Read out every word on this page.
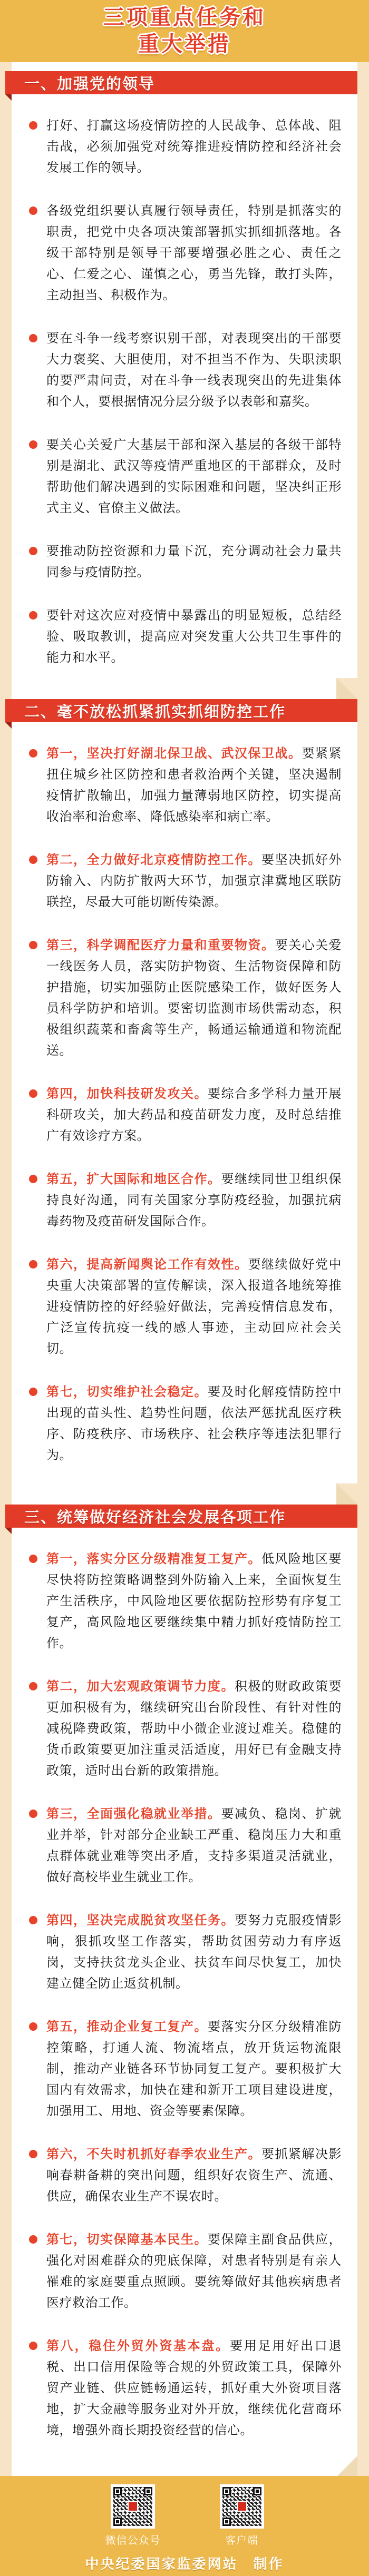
三项重点任务和
重大举措
一、加强党的领导

打好、打赢这场疫情防控的人民战争、总体战、阻击战，必须加强党对统筹推进疫情防控和经济社会发展工作的领导。

各级党组织要认真履行领导责任，特别是抓落实的职责，把党中央各项决策部署抓实抓细抓落地。各级干部特别是领导干部要增强必胜之心、责任之心、仁爱之心、谨慎之心，勇当先锋，敢打头阵，主动担当、积极作为。

要在斗争一线考察识别干部，对表现突出的干部要大力褒奖、大胆使用，对不担当不作为、失职渎职的要严肃问责，对在斗争一线表现突出的先进集体和个人，要根据情况分层分级予以表彰和嘉奖。

要关心关爱广大基层干部和深入基层的各级干部特别是湖北、武汉等疫情严重地区的干部群众，及时帮助他们解决遇到的实际困难和问题，坚决纠正形式主义、官僚主义做法。

要推动防控资源和力量下沉，充分调动社会力量共同参与疫情防控。

要针对这次应对疫情中暴露出的明显短板，总结经验、吸取教训，提高应对突发重大公共卫生事件的能力和水平。

二、毫不放松抓紧抓实抓细防控工作

第一，坚决打好湖北保卫战、武汉保卫战。要紧紧扭住城乡社区防控和患者救治两个关键，坚决遏制疫情扩散输出，加强力量薄弱地区防控，切实提高收治率和治愈率、降低感染率和病亡率。

第二，全力做好北京疫情防控工作。要坚决抓好外防输入、内防扩散两大环节，加强京津冀地区联防联控，尽最大可能切断传染源。

第三，科学调配医疗力量和重要物资。要关心关爱一线医务人员，落实防护物资、生活物资保障和防护措施，切实加强防止医院感染工作，做好医务人员科学防护和培训。要密切监测市场供需动态，积极组织蔬菜和畜禽等生产，畅通运输通道和物流配送。

第四，加快科技研发攻关。要综合多学科力量开展科研攻关，加大药品和疫苗研发力度，及时总结推广有效诊疗方案。

第五，扩大国际和地区合作。要继续同世卫组织保持良好沟通，同有关国家分享防疫经验，加强抗病毒药物及疫苗研发国际合作。

第六，提高新闻舆论工作有效性。要继续做好党中央重大决策部署的宣传解读，深入报道各地统筹推进疫情防控的好经验好做法，完善疫情信息发布，广泛宣传抗疫一线的感人事迹，主动回应社会关切。

第七，切实维护社会稳定。要及时化解疫情防控中出现的苗头性、趋势性问题，依法严惩扰乱医疗秩序、防疫秩序、市场秩序、社会秩序等违法犯罪行为。

三、统筹做好经济社会发展各项工作

第一，落实分区分级精准复工复产。低风险地区要尽快将防控策略调整到外防输入上来，全面恢复生产生活秩序，中风险地区要依据防控形势有序复工复产，高风险地区要继续集中精力抓好疫情防控工作。

第二，加大宏观政策调节力度。积极的财政政策要更加积极有为，继续研究出台阶段性、有针对性的减税降费政策，帮助中小微企业渡过难关。稳健的货币政策要更加注重灵活适度，用好已有金融支持政策，适时出台新的政策措施。

第三，全面强化稳就业举措。要减负、稳岗、扩就业并举，针对部分企业缺工严重、稳岗压力大和重点群体就业难等突出矛盾，支持多渠道灵活就业，做好高校毕业生就业工作。

第四，坚决完成脱贫攻坚任务。要努力克服疫情影响，狠抓攻坚工作落实，帮助贫困劳动力有序返岗，支持扶贫龙头企业、扶贫车间尽快复工，加快建立健全防止返贫机制。

第五，推动企业复工复产。要落实分区分级精准防控策略，打通人流、物流堵点，放开货运物流限制，推动产业链各环节协同复工复产。要积极扩大国内有效需求，加快在建和新开工项目建设进度，加强用工、用地、资金等要素保障。

第六，不失时机抓好春季农业生产。要抓紧解决影响春耕备耕的突出问题，组织好农资生产、流通、供应，确保农业生产不误农时。

第七，切实保障基本民生。要保障主副食品供应，强化对困难群众的兜底保障，对患者特别是有亲人罹难的家庭要重点照顾。要统筹做好其他疾病患者医疗救治工作。

第八，稳住外贸外资基本盘。要用足用好出口退税、出口信用保险等合规的外贸政策工具，保障外贸产业链、供应链畅通运转，抓好重大外资项目落地，扩大金融等服务业对外开放，继续优化营商环境，增强外商长期投资经营的信心。

微信公众号	客户端
中央纪委国家监委网站　制作
